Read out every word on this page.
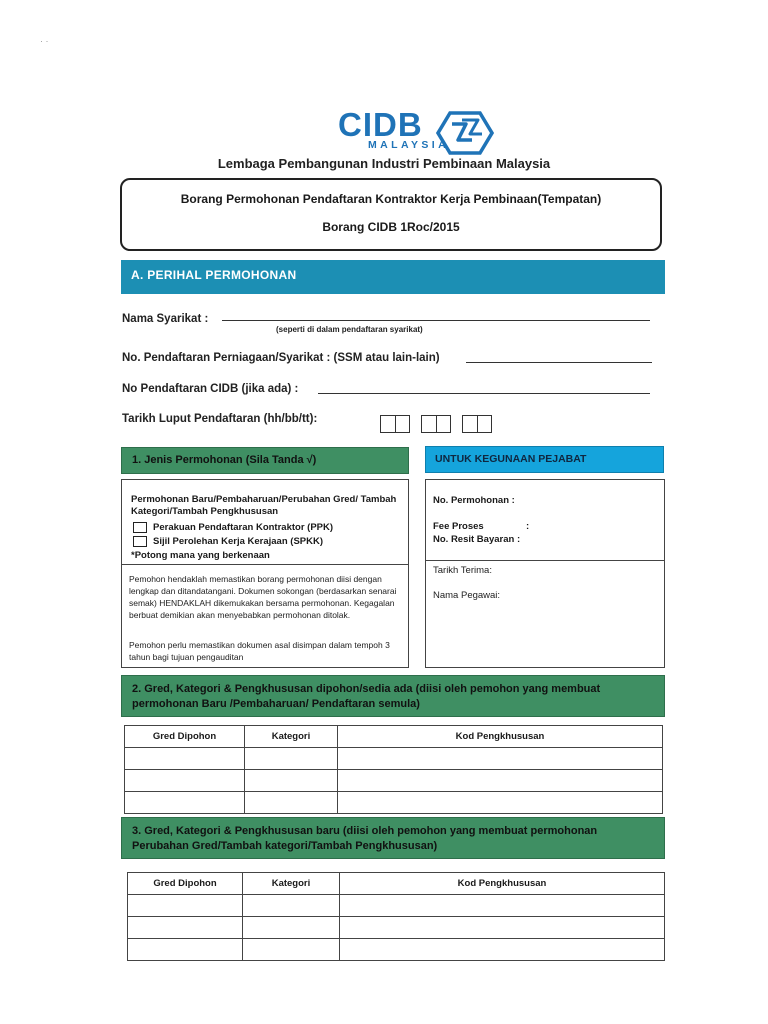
· ·
CIDB
MALAYSIA
Lembaga Pembangunan Industri Pembinaan Malaysia
Borang Permohonan Pendaftaran Kontraktor Kerja Pembinaan(Tempatan)
Borang CIDB 1Roc/2015
A. PERIHAL PERMOHONAN
Nama Syarikat :
(seperti di dalam pendaftaran syarikat)
No. Pendaftaran Perniagaan/Syarikat : (SSM atau lain-lain)
No Pendaftaran CIDB (jika ada) :
Tarikh Luput Pendaftaran (hh/bb/tt):
1. Jenis Permohonan (Sila Tanda √)	UNTUK KEGUNAAN PEJABAT
Permohonan Baru/Pembaharuan/Perubahan Gred/ Tambah Kategori/Tambah Pengkhususan
Perakuan Pendaftaran Kontraktor (PPK)
Sijil Perolehan Kerja Kerajaan (SPKK)
*Potong mana yang berkenaan
Pemohon hendaklah memastikan borang permohonan diisi dengan lengkap dan ditandatangani. Dokumen sokongan (berdasarkan senarai semak) HENDAKLAH dikemukakan bersama permohonan. Kegagalan berbuat demikian akan menyebabkan permohonan ditolak.
Pemohon perlu memastikan dokumen asal disimpan dalam tempoh 3 tahun bagi tujuan pengauditan
No. Permohonan :
Fee Proses	:
No. Resit Bayaran :
Tarikh Terima:
Nama Pegawai:
2. Gred, Kategori & Pengkhususan dipohon/sedia ada (diisi oleh pemohon yang membuat permohonan Baru /Pembaharuan/ Pendaftaran semula)
Gred Dipohon	Kategori	Kod Pengkhususan

3. Gred, Kategori & Pengkhususan baru (diisi oleh pemohon yang membuat permohonan Perubahan Gred/Tambah kategori/Tambah Pengkhususan)
Gred Dipohon	Kategori	Kod Pengkhususan
